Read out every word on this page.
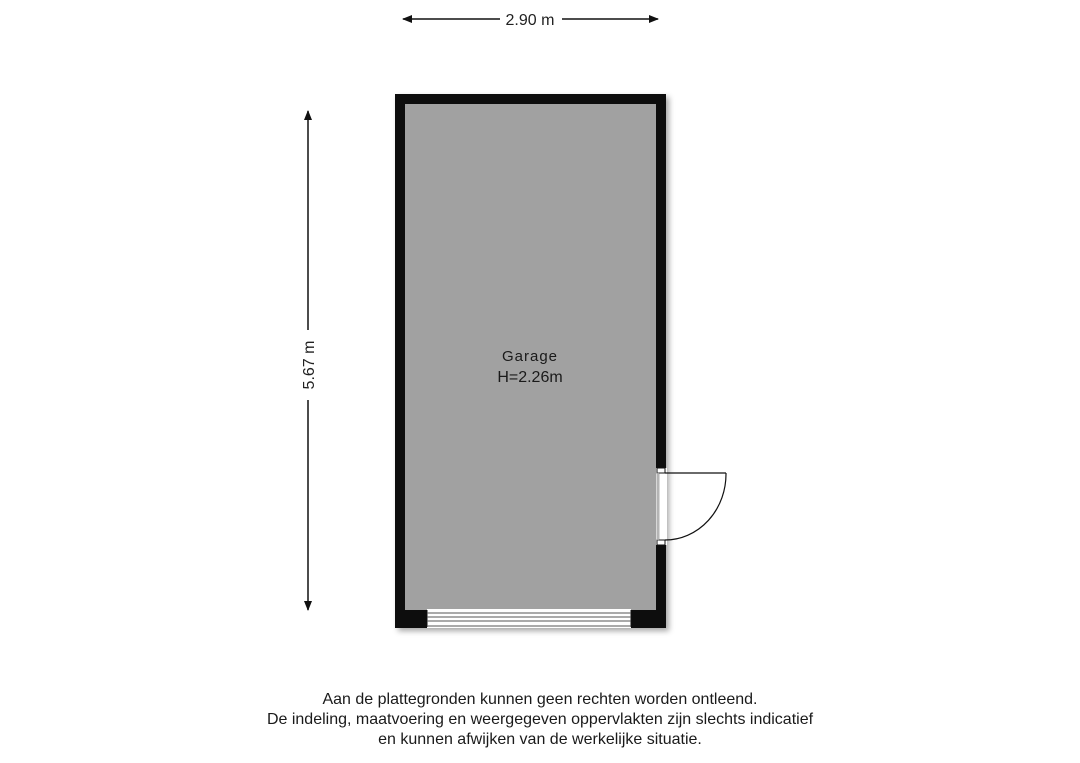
2.90 m
5.67 m	Garage
H=2.26m
Aan de plattegronden kunnen geen rechten worden ontleend.
De indeling, maatvoering en weergegeven oppervlakten zijn slechts indicatief
en kunnen afwijken van de werkelijke situatie.
